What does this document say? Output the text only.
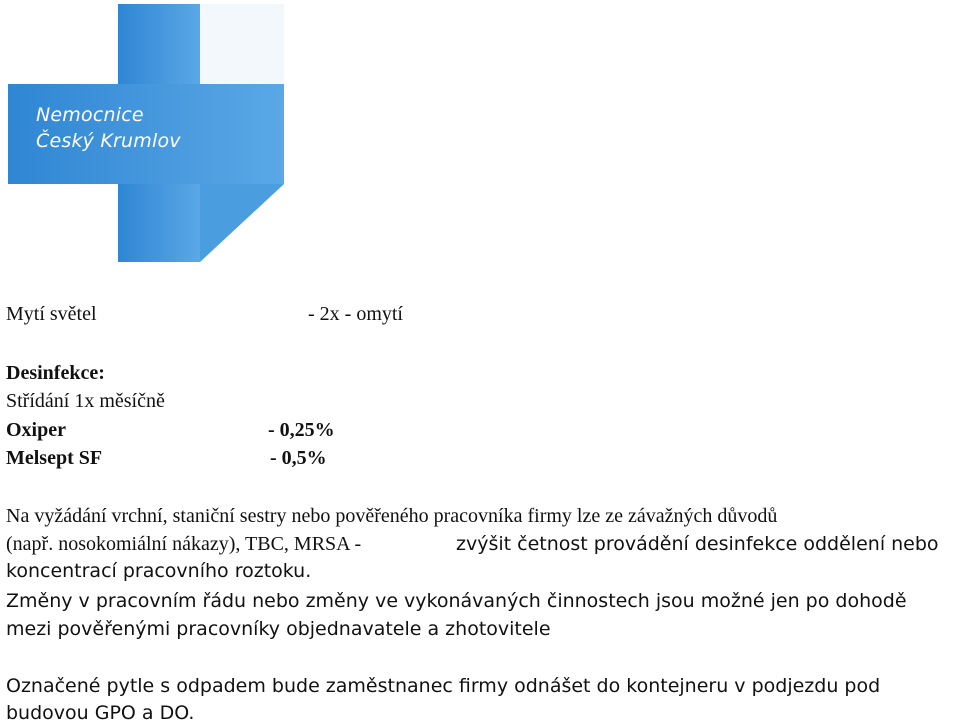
Nemocnice
Český Krumlov
Mytí světel	- 2x - omytí
Desinfekce:
Střídání 1x měsíčně
Oxiper	- 0,25%
Melsept SF	- 0,5%
Na vyžádání vrchní, staniční sestry nebo pověřeného pracovníka firmy lze ze závažných důvodů
(např. nosokomiální nákazy), TBC, MRSA -	zvýšit četnost provádění desinfekce oddělení nebo
koncentrací pracovního roztoku.
Změny v pracovním řádu nebo změny ve vykonávaných činnostech jsou možné jen po dohodě
mezi pověřenými pracovníky objednavatele a zhotovitele
Označené pytle s odpadem bude zaměstnanec firmy odnášet do kontejneru v podjezdu pod
budovou GPO a DO.
